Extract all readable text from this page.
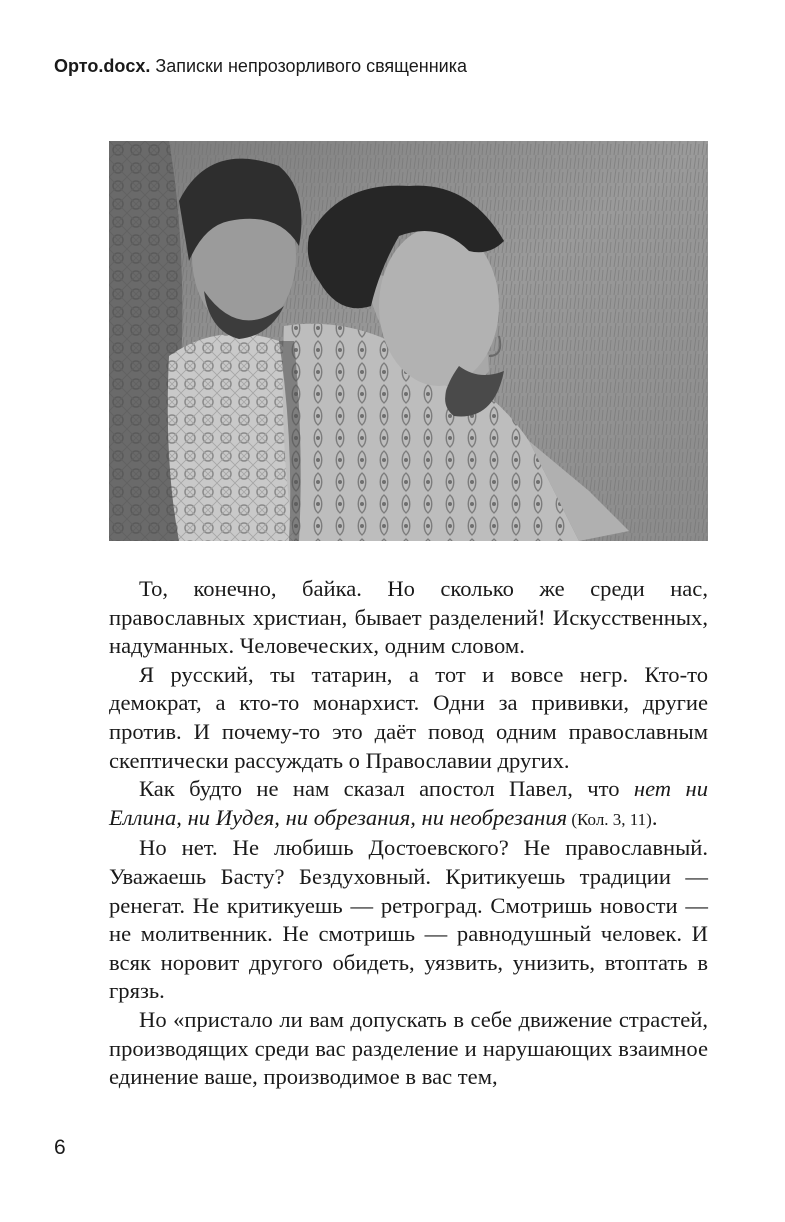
Орто.docx. Записки непрозорливого священника

То, конечно, байка. Но сколько же среди нас, православных христиан, бывает разделений! Искусственных, надуманных. Человеческих, одним словом.

Я русский, ты татарин, а тот и вовсе негр. Кто-то демократ, а кто-то монархист. Одни за прививки, другие против. И почему-то это даёт повод одним православным скептически рассуждать о Православии других.

Как будто не нам сказал апостол Павел, что нет ни Еллина, ни Иудея, ни обрезания, ни необрезания (Кол. 3, 11).

Но нет. Не любишь Достоевского? Не православный. Уважаешь Басту? Бездуховный. Критикуешь традиции — ренегат. Не критикуешь — ретроград. Смотришь новости — не молитвенник. Не смотришь — равнодушный человек. И всяк норовит другого обидеть, уязвить, унизить, втоптать в грязь.

Но «пристало ли вам допускать в себе движение страстей, производящих среди вас разделение и нарушающих взаимное единение ваше, производимое в вас тем,

6
